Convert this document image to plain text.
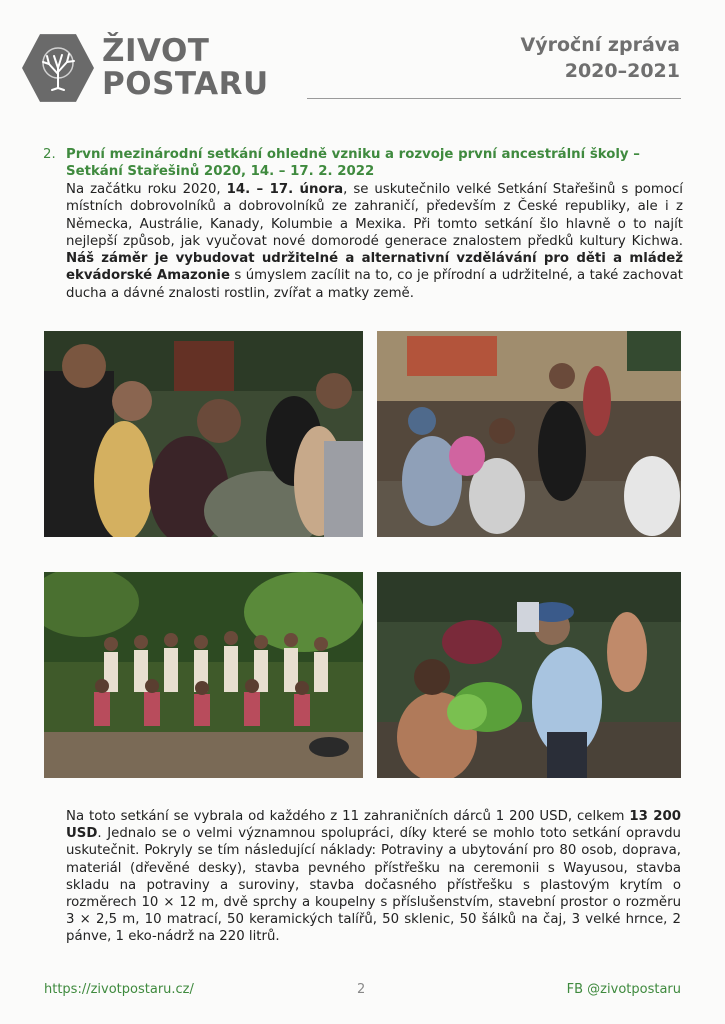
ŽIVOT
POSTARU
Výroční zpráva
2020–2021
2. První mezinárodní setkání ohledně vzniku a rozvoje první ancestrální školy – Setkání Stařešinů 2020, 14. – 17. 2. 2022
Na začátku roku 2020, 14. – 17. února, se uskutečnilo velké Setkání Stařešinů s pomocí místních dobrovolníků a dobrovolníků ze zahraničí, především z České republiky, ale i z Německa, Austrálie, Kanady, Kolumbie a Mexika. Při tomto setkání šlo hlavně o to najít nejlepší způsob, jak vyučovat nové domorodé generace znalostem předků kultury Kichwa. Náš záměr je vybudovat udržitelné a alternativní vzdělávání pro děti a mládež ekvádorské Amazonie s úmyslem zacílit na to, co je přírodní a udržitelné, a také zachovat ducha a dávné znalosti rostlin, zvířat a matky země.
Na toto setkání se vybrala od každého z 11 zahraničních dárců 1 200 USD, celkem 13 200 USD. Jednalo se o velmi významnou spolupráci, díky které se mohlo toto setkání opravdu uskutečnit. Pokryly se tím následující náklady: Potraviny a ubytování pro 80 osob, doprava, materiál (dřevěné desky), stavba pevného přístřešku na ceremonii s Wayusou, stavba skladu na potraviny a suroviny, stavba dočasného přístřešku s plastovým krytím o rozměrech 10 × 12 m, dvě sprchy a koupelny s příslušenstvím, stavební prostor o rozměru 3 × 2,5 m, 10 matrací, 50 keramických talířů, 50 sklenic, 50 šálků na čaj, 3 velké hrnce, 2 pánve, 1 eko-nádrž na 220 litrů.
https://zivotpostaru.cz/	2	FB @zivotpostaru
